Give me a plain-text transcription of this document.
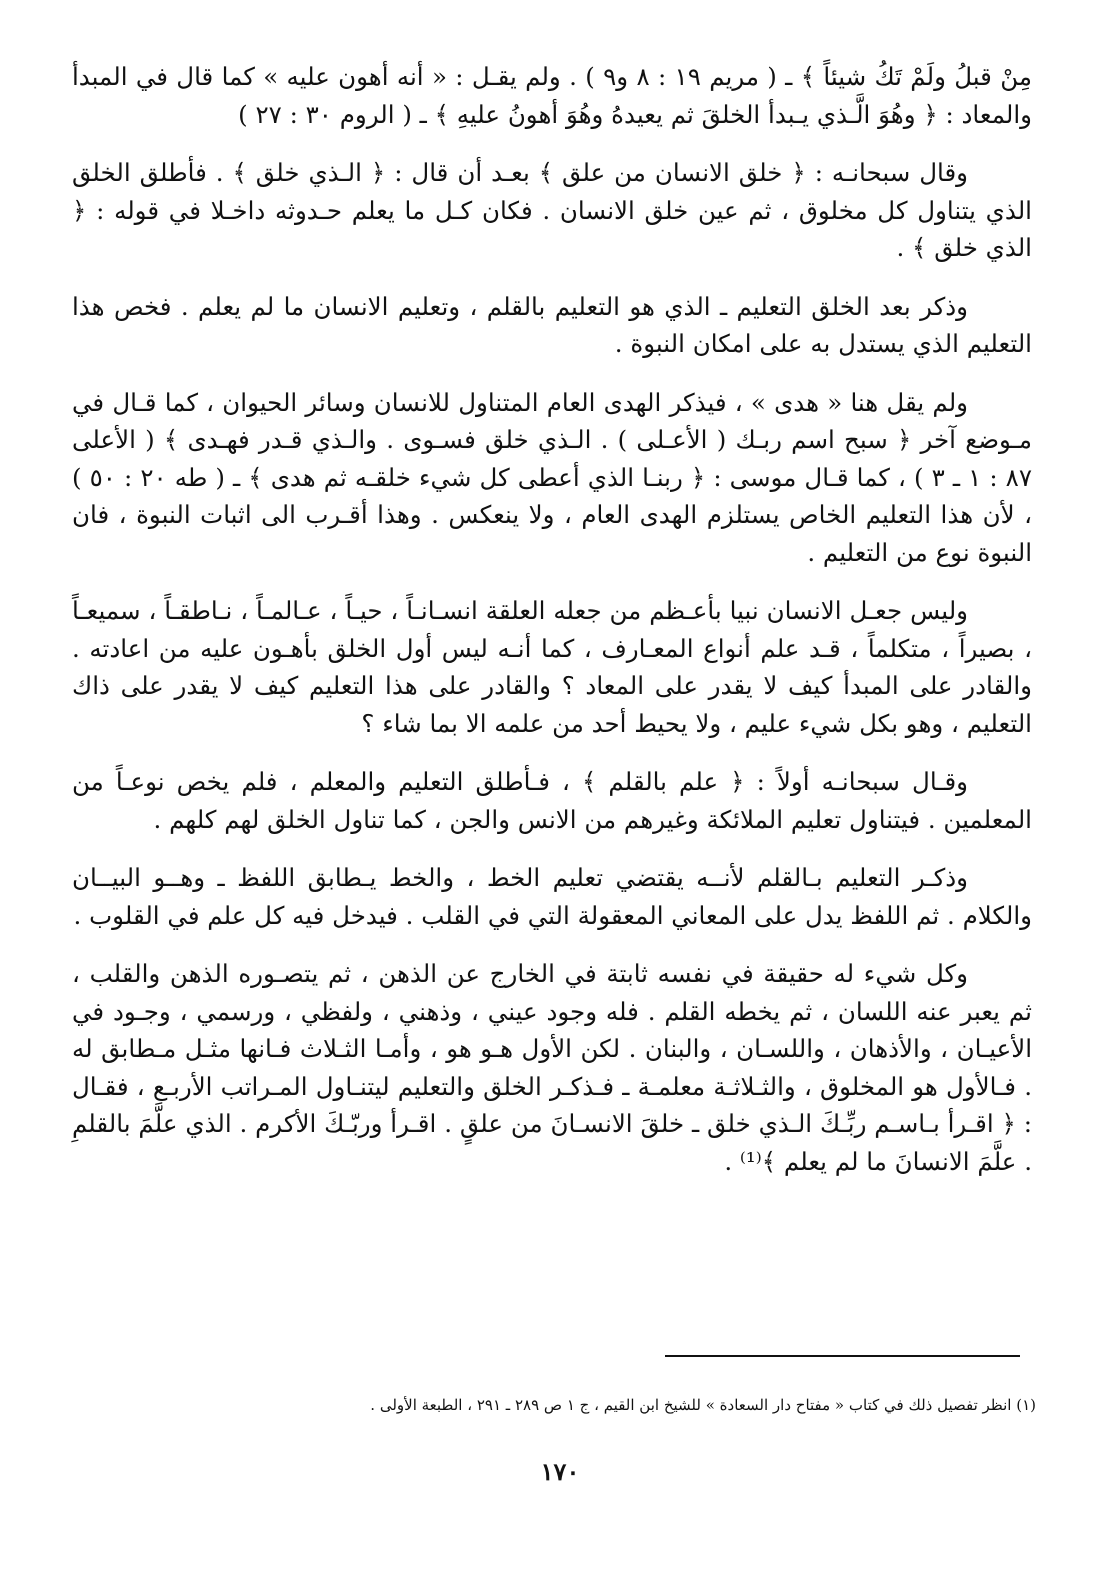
مِنْ قبلُ ولَمْ تَكُ شيئاً ﴾ ـ ( مريم ١٩ : ٨ و٩ ) . ولم يقـل : « أنه أهون عليه » كما قال في المبدأ والمعاد : ﴿ وهُوَ الَّـذي يـبدأ الخلقَ ثم يعيدهُ وهُوَ أهونُ عليهِ ﴾ ـ ( الروم ٣٠ : ٢٧ )

وقال سبحانـه : ﴿ خلق الانسان من علق ﴾ بعـد أن قال : ﴿ الـذي خلق ﴾ . فأطلق الخلق الذي يتناول كل مخلوق ، ثم عين خلق الانسان . فكان كـل ما يعلم حـدوثه داخـلا في قوله : ﴿ الذي خلق ﴾ .

وذكر بعد الخلق التعليم ـ الذي هو التعليم بالقلم ، وتعليم الانسان ما لم يعلم . فخص هذا التعليم الذي يستدل به على امكان النبوة .

ولم يقل هنا « هدى » ، فيذكر الهدى العام المتناول للانسان وسائر الحيوان ، كما قـال في مـوضع آخر ﴿ سبح اسم ربـك ( الأعـلى ) . الـذي خلق فسـوى . والـذي قـدر فهـدى ﴾ ( الأعلى ٨٧ : ١ ـ ٣ ) ، كما قـال موسى : ﴿ ربنـا الذي أعطى كل شيء خلقـه ثم هدى ﴾ ـ ( طه ٢٠ : ٥٠ ) ، لأن هذا التعليم الخاص يستلزم الهدى العام ، ولا ينعكس . وهذا أقـرب الى اثبات النبوة ، فان النبوة نوع من التعليم .

وليس جعـل الانسان نبيا بأعـظم من جعله العلقة انسـانـاً ، حيـاً ، عـالمـاً ، نـاطقـاً ، سميعـاً ، بصيراً ، متكلماً ، قـد علم أنواع المعـارف ، كما أنـه ليس أول الخلق بأهـون عليه من اعادته . والقادر على المبدأ كيف لا يقدر على المعاد ؟ والقادر على هذا التعليم كيف لا يقدر على ذاك التعليم ، وهو بكل شيء عليم ، ولا يحيط أحد من علمه الا بما شاء ؟

وقـال سبحانـه أولاً : ﴿ علم بالقلم ﴾ ، فـأطلق التعليم والمعلم ، فلم يخص نوعـاً من المعلمين . فيتناول تعليم الملائكة وغيرهم من الانس والجن ، كما تناول الخلق لهم كلهم .

وذكـر التعليم بـالقلم لأنــه يقتضي تعليم الخط ، والخط يـطابق اللفظ ـ وهــو البيــان والكلام . ثم اللفظ يدل على المعاني المعقولة التي في القلب . فيدخل فيه كل علم في القلوب .

وكل شيء له حقيقة في نفسه ثابتة في الخارج عن الذهن ، ثم يتصـوره الذهن والقلب ، ثم يعبر عنه اللسان ، ثم يخطه القلم . فله وجود عيني ، وذهني ، ولفظي ، ورسمي ، وجـود في الأعيـان ، والأذهان ، واللسـان ، والبنان . لكن الأول هـو هو ، وأمـا الثـلاث فـانها مثـل مـطابق له . فـالأول هو المخلوق ، والثـلاثـة معلمـة ـ فـذكـر الخلق والتعليم ليتنـاول المـراتب الأربـع ، فقـال : ﴿ اقـرأ بـاسـم ربِّـكَ الـذي خلق ـ خلقَ الانسـانَ من علقٍ . اقـرأ وربّـكَ الأكرم . الذي علَّمَ بالقلمِ . علَّمَ الانسانَ ما لم يعلم ﴾⁽¹⁾ .

(١) انظر تفصيل ذلك في كتاب « مفتاح دار السعادة » للشيخ ابن القيم ، ج ١ ص ٢٨٩ ـ ٢٩١ ، الطبعة الأولى .
١٧٠
